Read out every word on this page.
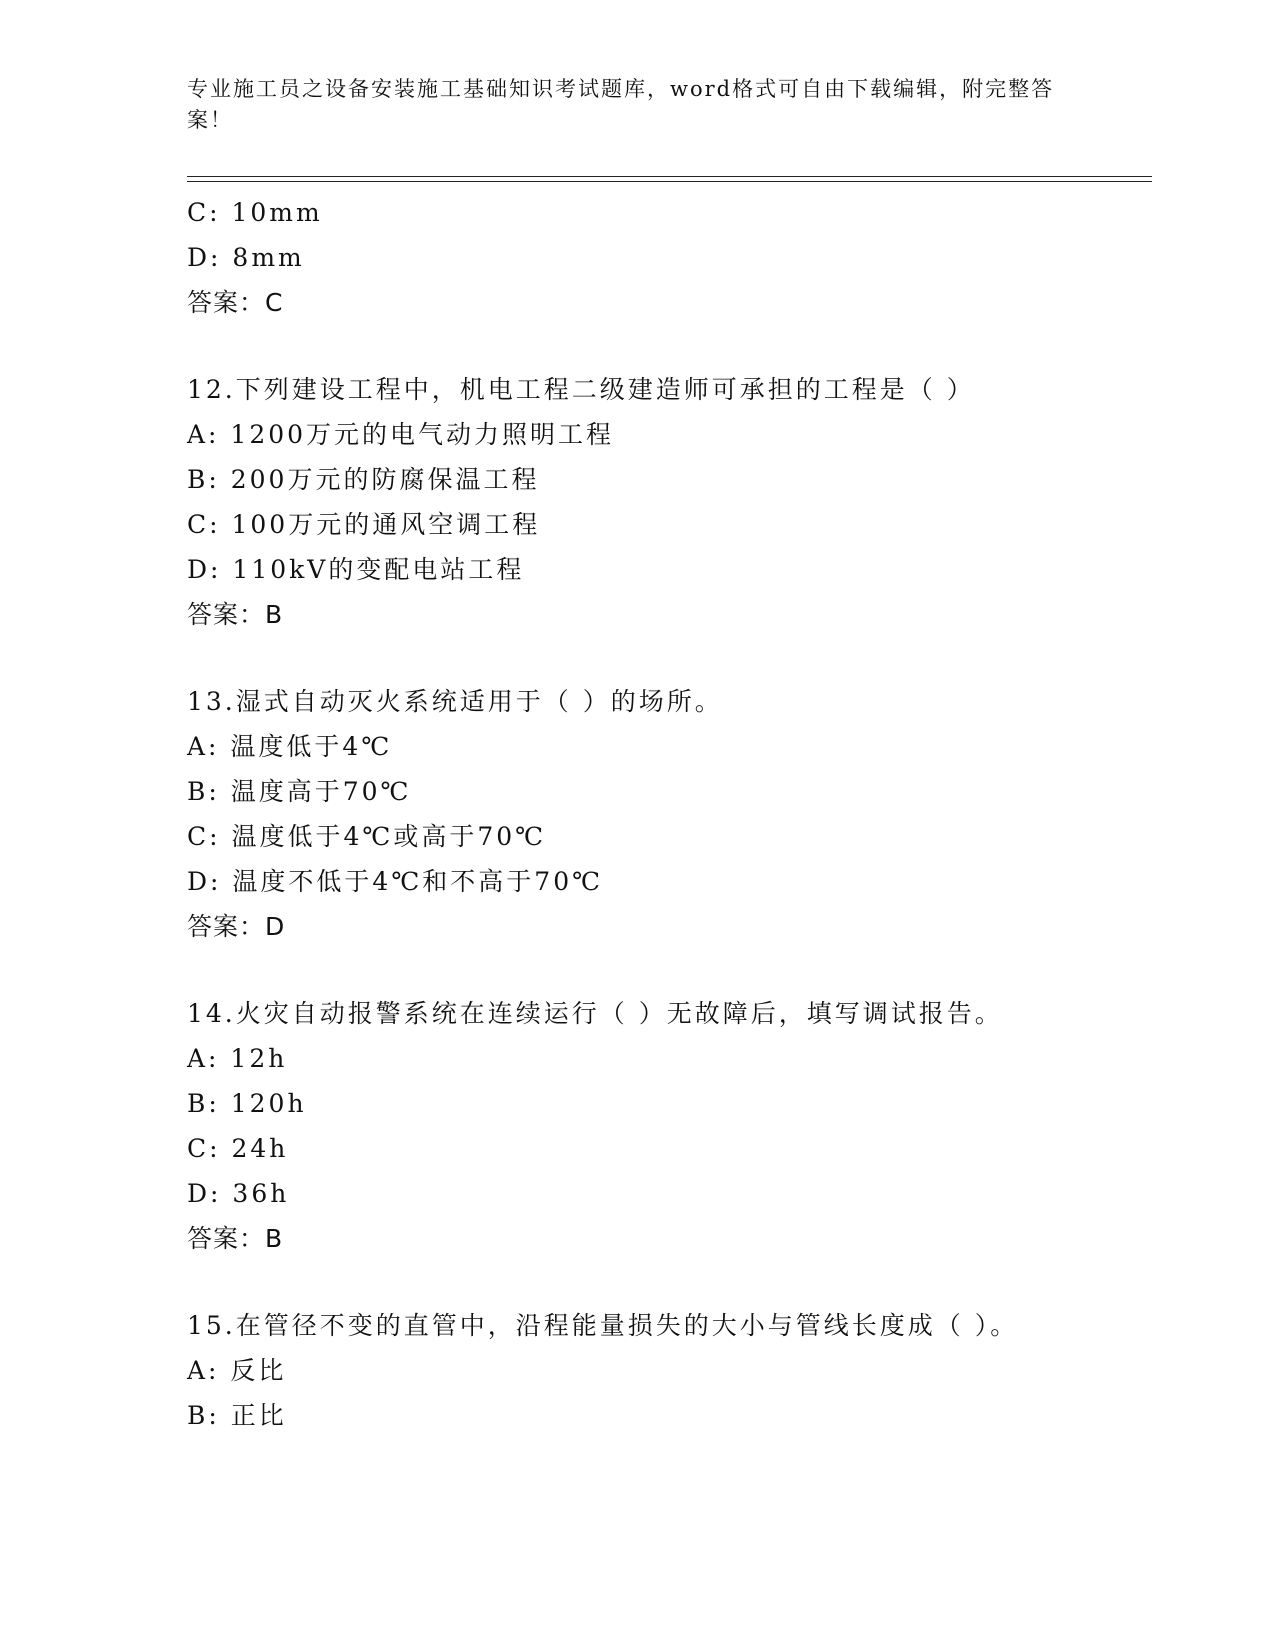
专业施工员之设备安装施工基础知识考试题库，word格式可自由下载编辑，附完整答案！
C: 10mm
D: 8mm
答案：C
12.下列建设工程中，机电工程二级建造师可承担的工程是（ ）
A: 1200万元的电气动力照明工程
B: 200万元的防腐保温工程
C: 100万元的通风空调工程
D: 110kV的变配电站工程
答案：B
13.湿式自动灭火系统适用于（ ）的场所。
A: 温度低于4℃
B: 温度高于70℃
C: 温度低于4℃或高于70℃
D: 温度不低于4℃和不高于70℃
答案：D
14.火灾自动报警系统在连续运行（ ）无故障后，填写调试报告。
A: 12h
B: 120h
C: 24h
D: 36h
答案：B
15.在管径不变的直管中，沿程能量损失的大小与管线长度成（ ）。
A: 反比
B: 正比
